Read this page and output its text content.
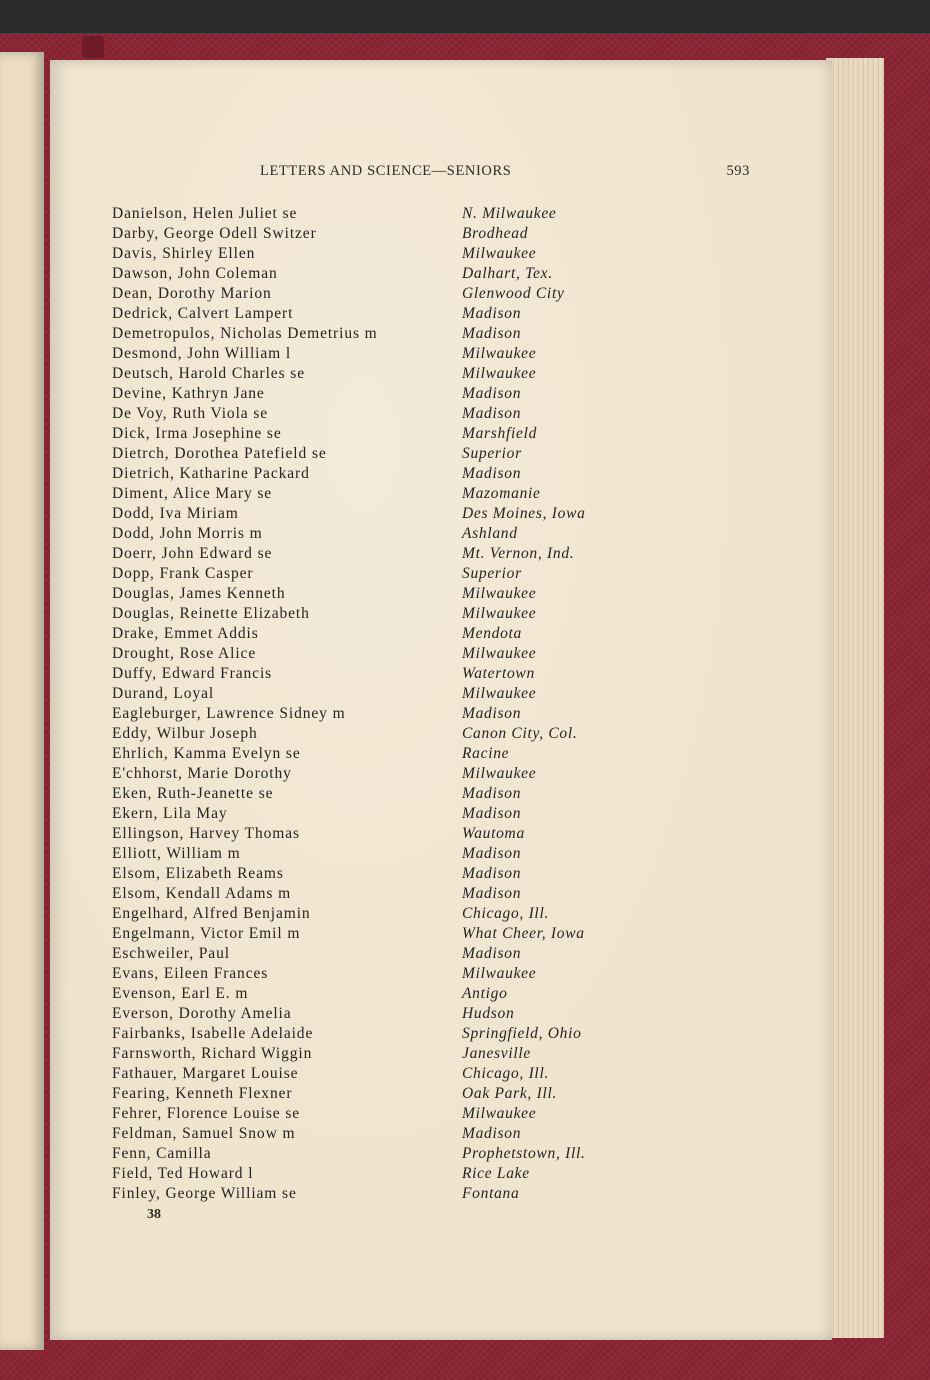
LETTERS AND SCIENCE—SENIORS	593
Danielson, Helen Juliet se	N. Milwaukee
Darby, George Odell Switzer	Brodhead
Davis, Shirley Ellen	Milwaukee
Dawson, John Coleman	Dalhart, Tex.
Dean, Dorothy Marion	Glenwood City
Dedrick, Calvert Lampert	Madison
Demetropulos, Nicholas Demetrius m	Madison
Desmond, John William l	Milwaukee
Deutsch, Harold Charles se	Milwaukee
Devine, Kathryn Jane	Madison
De Voy, Ruth Viola se	Madison
Dick, Irma Josephine se	Marshfield
Dietrch, Dorothea Patefield se	Superior
Dietrich, Katharine Packard	Madison
Diment, Alice Mary se	Mazomanie
Dodd, Iva Miriam	Des Moines, Iowa
Dodd, John Morris m	Ashland
Doerr, John Edward se	Mt. Vernon, Ind.
Dopp, Frank Casper	Superior
Douglas, James Kenneth	Milwaukee
Douglas, Reinette Elizabeth	Milwaukee
Drake, Emmet Addis	Mendota
Drought, Rose Alice	Milwaukee
Duffy, Edward Francis	Watertown
Durand, Loyal	Milwaukee
Eagleburger, Lawrence Sidney m	Madison
Eddy, Wilbur Joseph	Canon City, Col.
Ehrlich, Kamma Evelyn se	Racine
E'chhorst, Marie Dorothy	Milwaukee
Eken, Ruth-Jeanette se	Madison
Ekern, Lila May	Madison
Ellingson, Harvey Thomas	Wautoma
Elliott, William m	Madison
Elsom, Elizabeth Reams	Madison
Elsom, Kendall Adams m	Madison
Engelhard, Alfred Benjamin	Chicago, Ill.
Engelmann, Victor Emil m	What Cheer, Iowa
Eschweiler, Paul	Madison
Evans, Eileen Frances	Milwaukee
Evenson, Earl E. m	Antigo
Everson, Dorothy Amelia	Hudson
Fairbanks, Isabelle Adelaide	Springfield, Ohio
Farnsworth, Richard Wiggin	Janesville
Fathauer, Margaret Louise	Chicago, Ill.
Fearing, Kenneth Flexner	Oak Park, Ill.
Fehrer, Florence Louise se	Milwaukee
Feldman, Samuel Snow m	Madison
Fenn, Camilla	Prophetstown, Ill.
Field, Ted Howard l	Rice Lake
Finley, George William se	Fontana
38
